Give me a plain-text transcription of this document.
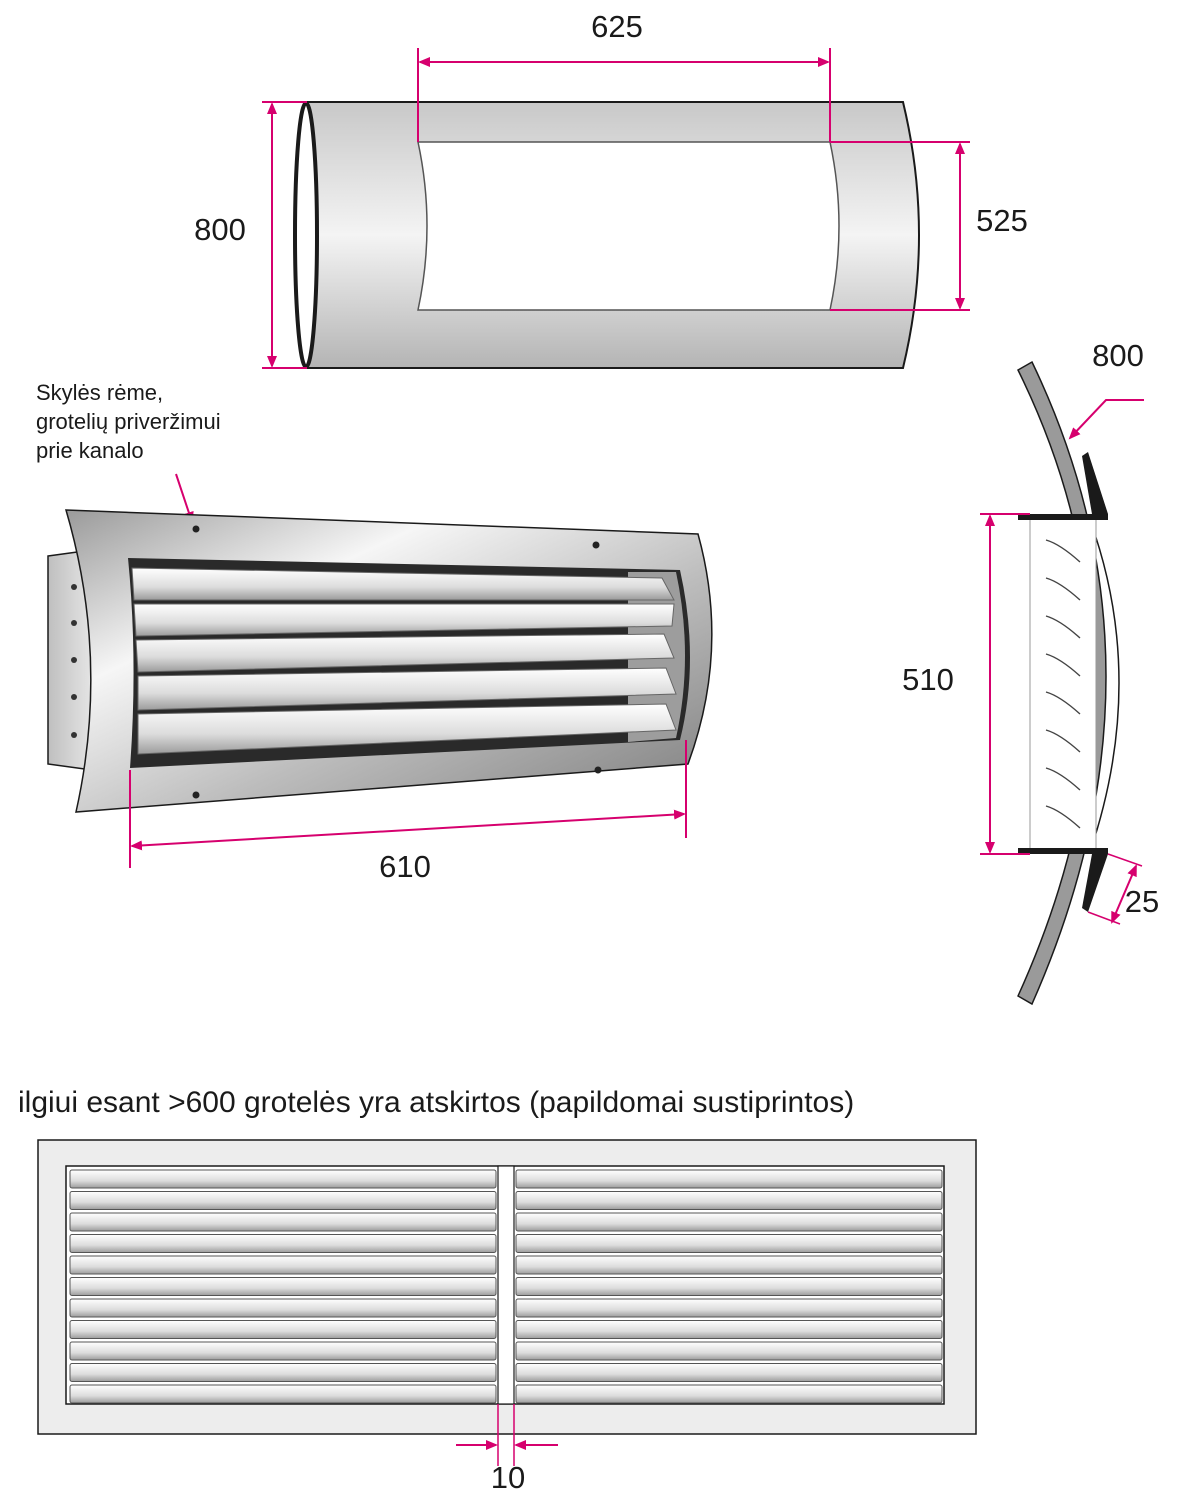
625
800	525
Skylės rėme,
grotelių priveržimui
prie kanalo
610
800
510
25
ilgiui esant >600 grotelės yra atskirtos (papildomai sustiprintos)
10
